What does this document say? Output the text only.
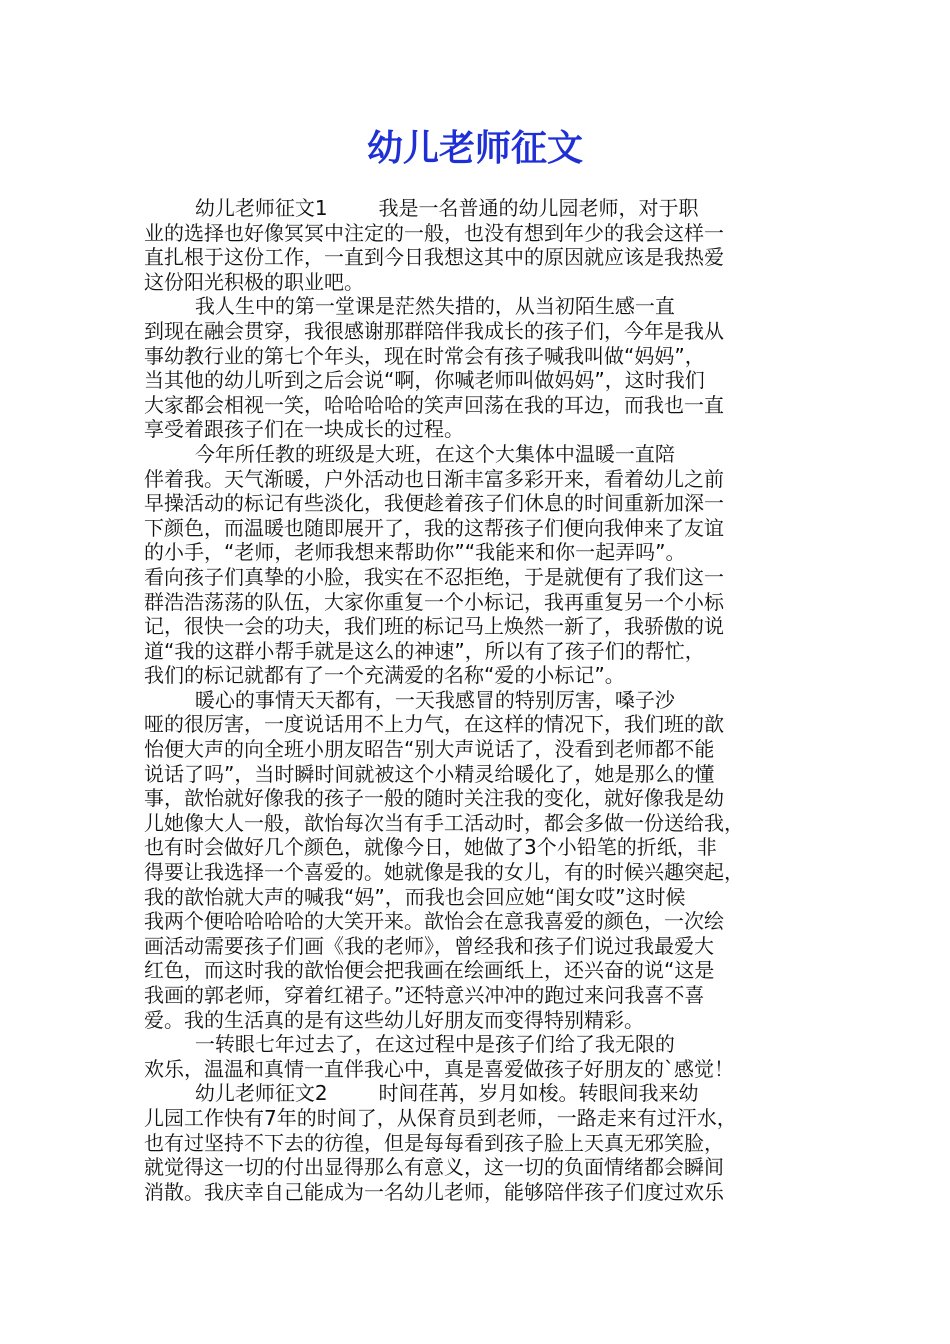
幼儿老师征文
幼儿老师征文1        我是一名普通的幼儿园老师，对于职
业的选择也好像冥冥中注定的一般，也没有想到年少的我会这样一
直扎根于这份工作，一直到今日我想这其中的原因就应该是我热爱
这份阳光积极的职业吧。
我人生中的第一堂课是茫然失措的，从当初陌生感一直
到现在融会贯穿，我很感谢那群陪伴我成长的孩子们，今年是我从
事幼教行业的第七个年头，现在时常会有孩子喊我叫做“妈妈”，
当其他的幼儿听到之后会说“啊，你喊老师叫做妈妈”，这时我们
大家都会相视一笑，哈哈哈哈的笑声回荡在我的耳边，而我也一直
享受着跟孩子们在一块成长的过程。
今年所任教的班级是大班，在这个大集体中温暖一直陪
伴着我。天气渐暖，户外活动也日渐丰富多彩开来，看着幼儿之前
早操活动的标记有些淡化，我便趁着孩子们休息的时间重新加深一
下颜色，而温暖也随即展开了，我的这帮孩子们便向我伸来了友谊
的小手，“老师，老师我想来帮助你”“我能来和你一起弄吗”。
看向孩子们真挚的小脸，我实在不忍拒绝，于是就便有了我们这一
群浩浩荡荡的队伍，大家你重复一个小标记，我再重复另一个小标
记，很快一会的功夫，我们班的标记马上焕然一新了，我骄傲的说
道“我的这群小帮手就是这么的神速”，所以有了孩子们的帮忙，
我们的标记就都有了一个充满爱的名称“爱的小标记”。
暖心的事情天天都有，一天我感冒的特别厉害，嗓子沙
哑的很厉害，一度说话用不上力气，在这样的情况下，我们班的歆
怡便大声的向全班小朋友昭告“别大声说话了，没看到老师都不能
说话了吗”，当时瞬时间就被这个小精灵给暖化了，她是那么的懂
事，歆怡就好像我的孩子一般的随时关注我的变化，就好像我是幼
儿她像大人一般，歆怡每次当有手工活动时，都会多做一份送给我，
也有时会做好几个颜色，就像今日，她做了3个小铅笔的折纸，非
得要让我选择一个喜爱的。她就像是我的女儿，有的时候兴趣突起，
我的歆怡就大声的喊我“妈”，而我也会回应她“闺女哎”这时候
我两个便哈哈哈哈的大笑开来。歆怡会在意我喜爱的颜色，一次绘
画活动需要孩子们画《我的老师》，曾经我和孩子们说过我最爱大
红色，而这时我的歆怡便会把我画在绘画纸上，还兴奋的说“这是
我画的郭老师，穿着红裙子。”还特意兴冲冲的跑过来问我喜不喜
爱。我的生活真的是有这些幼儿好朋友而变得特别精彩。
一转眼七年过去了，在这过程中是孩子们给了我无限的
欢乐，温温和真情一直伴我心中，真是喜爱做孩子好朋友的`感觉！
幼儿老师征文2        时间荏苒，岁月如梭。转眼间我来幼
儿园工作快有7年的时间了，从保育员到老师，一路走来有过汗水，
也有过坚持不下去的彷徨，但是每每看到孩子脸上天真无邪笑脸，
就觉得这一切的付出显得那么有意义，这一切的负面情绪都会瞬间
消散。我庆幸自己能成为一名幼儿老师，能够陪伴孩子们度过欢乐
